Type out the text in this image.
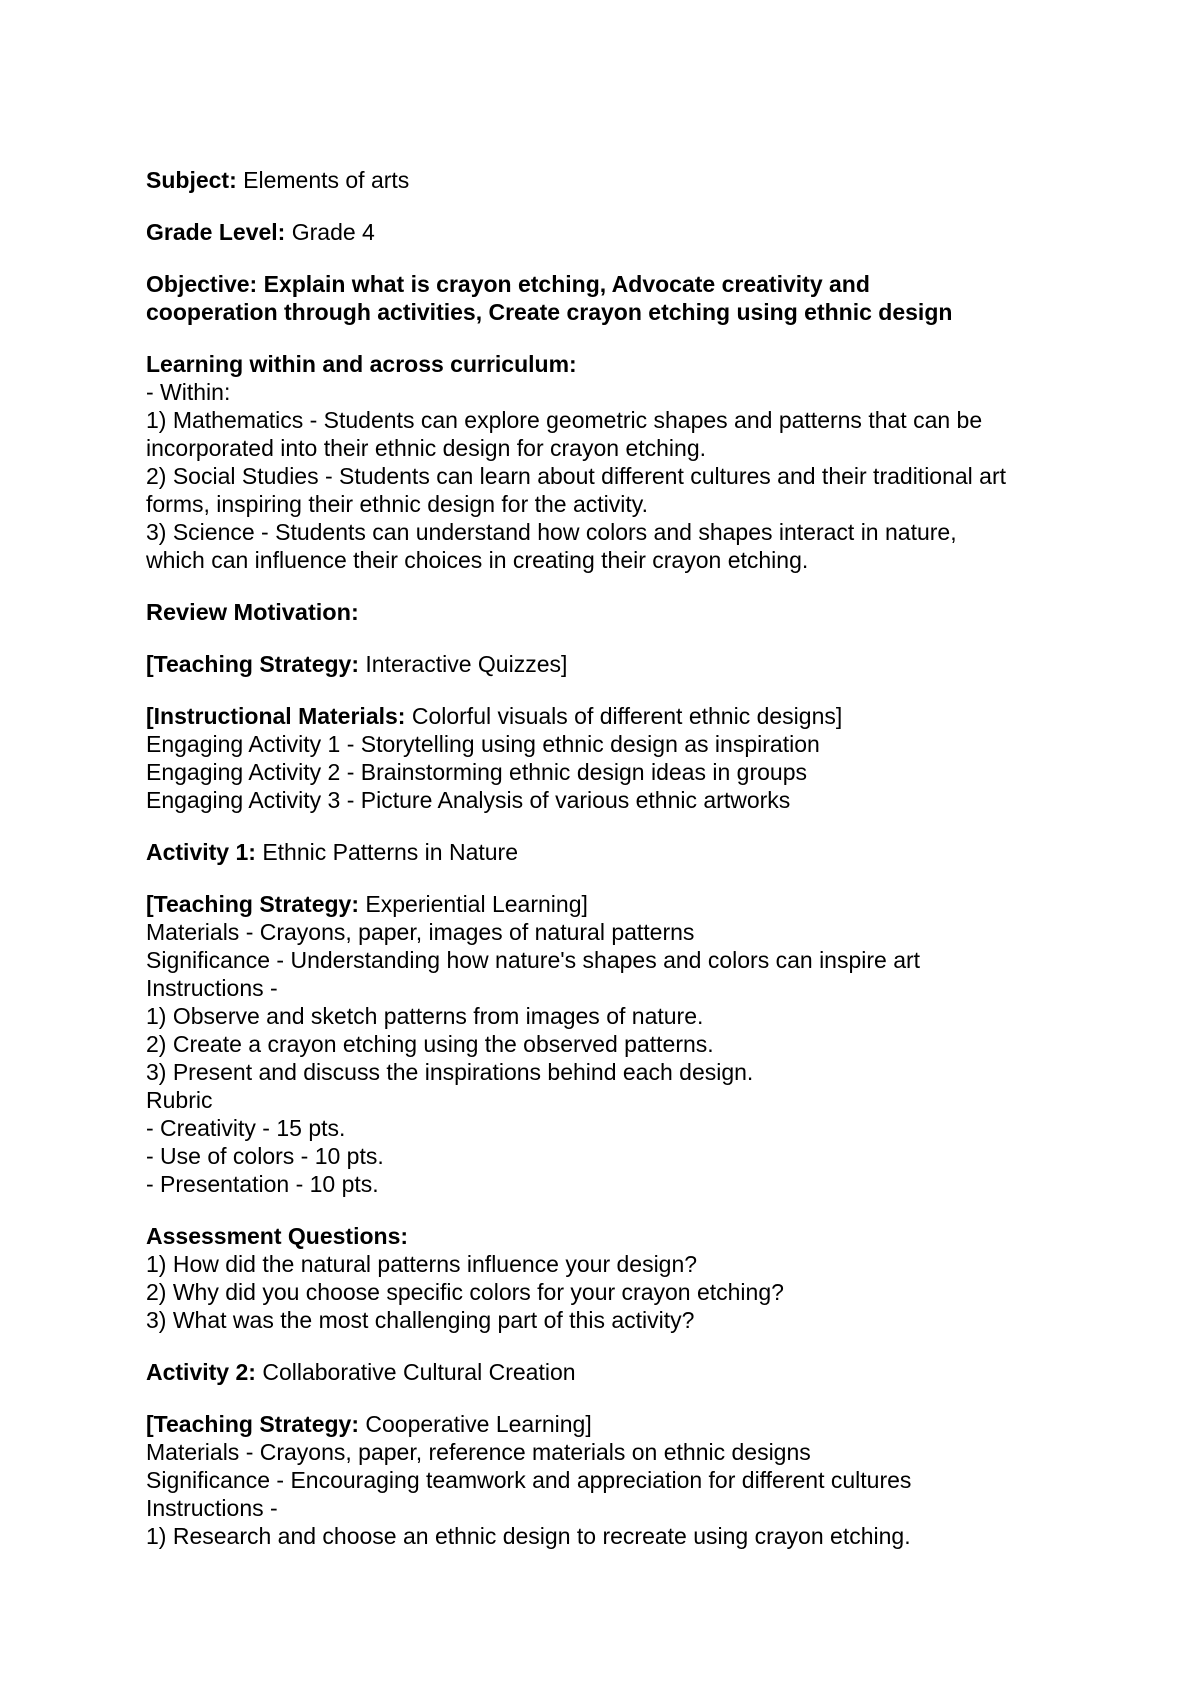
Subject: Elements of arts
Grade Level: Grade 4
Objective: Explain what is crayon etching, Advocate creativity and
cooperation through activities, Create crayon etching using ethnic design
Learning within and across curriculum:
- Within:
1) Mathematics - Students can explore geometric shapes and patterns that can be
incorporated into their ethnic design for crayon etching.
2) Social Studies - Students can learn about different cultures and their traditional art
forms, inspiring their ethnic design for the activity.
3) Science - Students can understand how colors and shapes interact in nature,
which can influence their choices in creating their crayon etching.
Review Motivation:
[Teaching Strategy: Interactive Quizzes]
[Instructional Materials: Colorful visuals of different ethnic designs]
Engaging Activity 1 - Storytelling using ethnic design as inspiration
Engaging Activity 2 - Brainstorming ethnic design ideas in groups
Engaging Activity 3 - Picture Analysis of various ethnic artworks
Activity 1: Ethnic Patterns in Nature
[Teaching Strategy: Experiential Learning]
Materials - Crayons, paper, images of natural patterns
Significance - Understanding how nature's shapes and colors can inspire art
Instructions -
1) Observe and sketch patterns from images of nature.
2) Create a crayon etching using the observed patterns.
3) Present and discuss the inspirations behind each design.
Rubric
- Creativity - 15 pts.
- Use of colors - 10 pts.
- Presentation - 10 pts.
Assessment Questions:
1) How did the natural patterns influence your design?
2) Why did you choose specific colors for your crayon etching?
3) What was the most challenging part of this activity?
Activity 2: Collaborative Cultural Creation
[Teaching Strategy: Cooperative Learning]
Materials - Crayons, paper, reference materials on ethnic designs
Significance - Encouraging teamwork and appreciation for different cultures
Instructions -
1) Research and choose an ethnic design to recreate using crayon etching.
